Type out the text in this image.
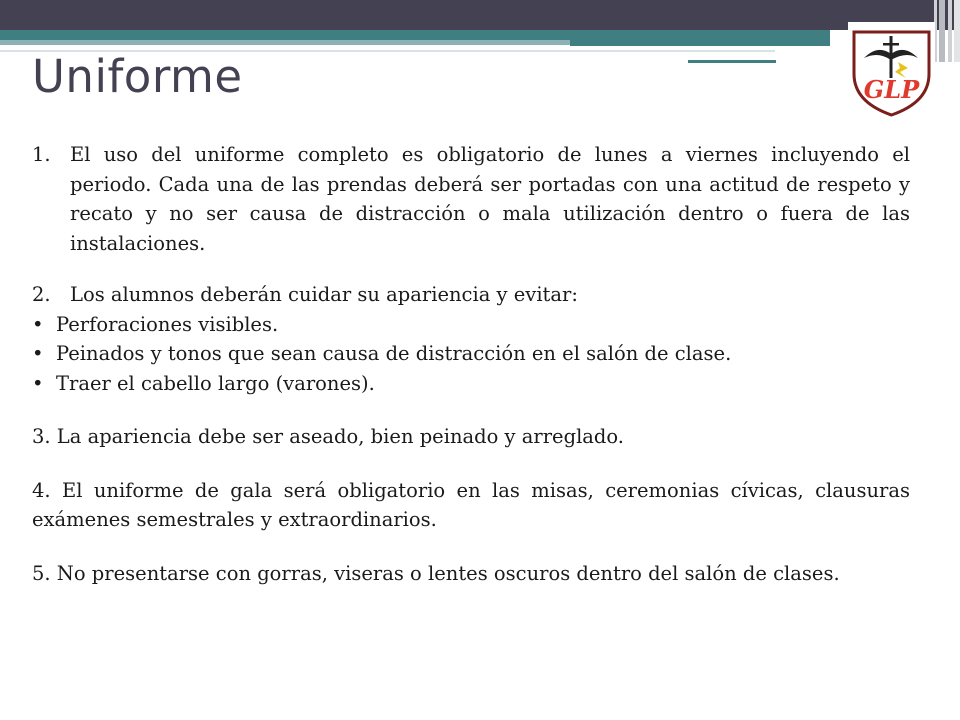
GLP
Uniforme
1. El uso del uniforme completo es obligatorio de lunes a viernes incluyendo el periodo. Cada una de las prendas deberá ser portadas con una actitud de respeto y recato y no ser causa de distracción o mala utilización dentro o fuera de las instalaciones.
2. Los alumnos deberán cuidar su apariencia y evitar:
• Perforaciones visibles.
• Peinados y tonos que sean causa de distracción en el salón de clase.
• Traer el cabello largo (varones).

3. La apariencia debe ser aseado, bien peinado y arreglado.

4. El uniforme de gala será obligatorio en las misas, ceremonias cívicas, clausuras exámenes semestrales y extraordinarios.

5. No presentarse con gorras, viseras o lentes oscuros dentro del salón de clases.
